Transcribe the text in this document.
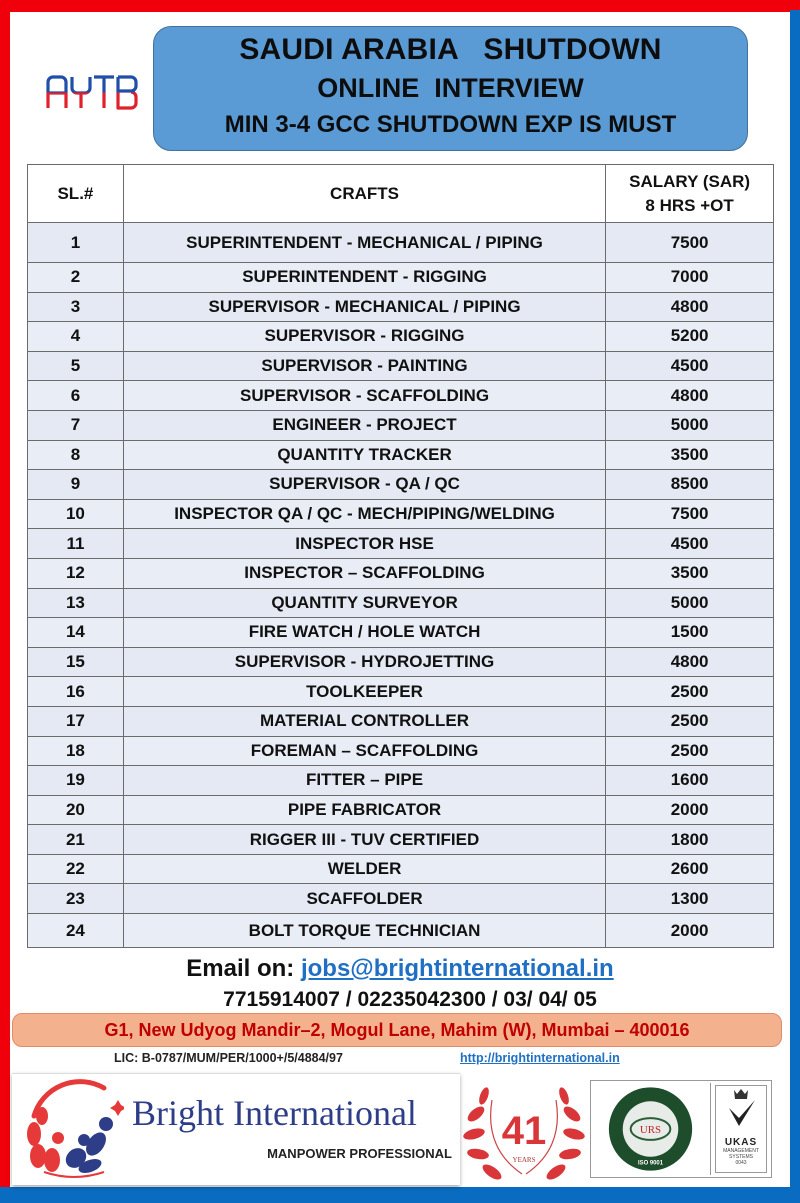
SAUDI ARABIA   SHUTDOWN
ONLINE  INTERVIEW
MIN 3-4 GCC SHUTDOWN EXP IS MUST
SL.#	CRAFTS	SALARY (SAR)
8 HRS +OT

1	SUPERINTENDENT - MECHANICAL / PIPING	7500
2	SUPERINTENDENT - RIGGING	7000
3	SUPERVISOR - MECHANICAL / PIPING	4800
4	SUPERVISOR - RIGGING	5200
5	SUPERVISOR - PAINTING	4500
6	SUPERVISOR - SCAFFOLDING	4800
7	ENGINEER - PROJECT	5000
8	QUANTITY TRACKER	3500
9	SUPERVISOR - QA / QC	8500
10	INSPECTOR QA / QC - MECH/PIPING/WELDING	7500
11	INSPECTOR HSE	4500
12	INSPECTOR – SCAFFOLDING	3500
13	QUANTITY SURVEYOR	5000
14	FIRE WATCH / HOLE WATCH	1500
15	SUPERVISOR - HYDROJETTING	4800
16	TOOLKEEPER	2500
17	MATERIAL CONTROLLER	2500
18	FOREMAN – SCAFFOLDING	2500
19	FITTER – PIPE	1600
20	PIPE FABRICATOR	2000
21	RIGGER III - TUV CERTIFIED	1800
22	WELDER	2600
23	SCAFFOLDER	1300
24	BOLT TORQUE TECHNICIAN	2000
Email on: jobs@brightinternational.in
7715914007 / 02235042300 / 03/ 04/ 05
G1, New Udyog Mandir–2, Mogul Lane, Mahim (W), Mumbai – 400016
LIC: B-0787/MUM/PER/1000+/5/4884/97	http://brightinternational.in
Bright International
MANPOWER PROFESSIONAL
41
YEARS
URS
ISO 9001
UKAS
MANAGEMENT SYSTEMS
0043
